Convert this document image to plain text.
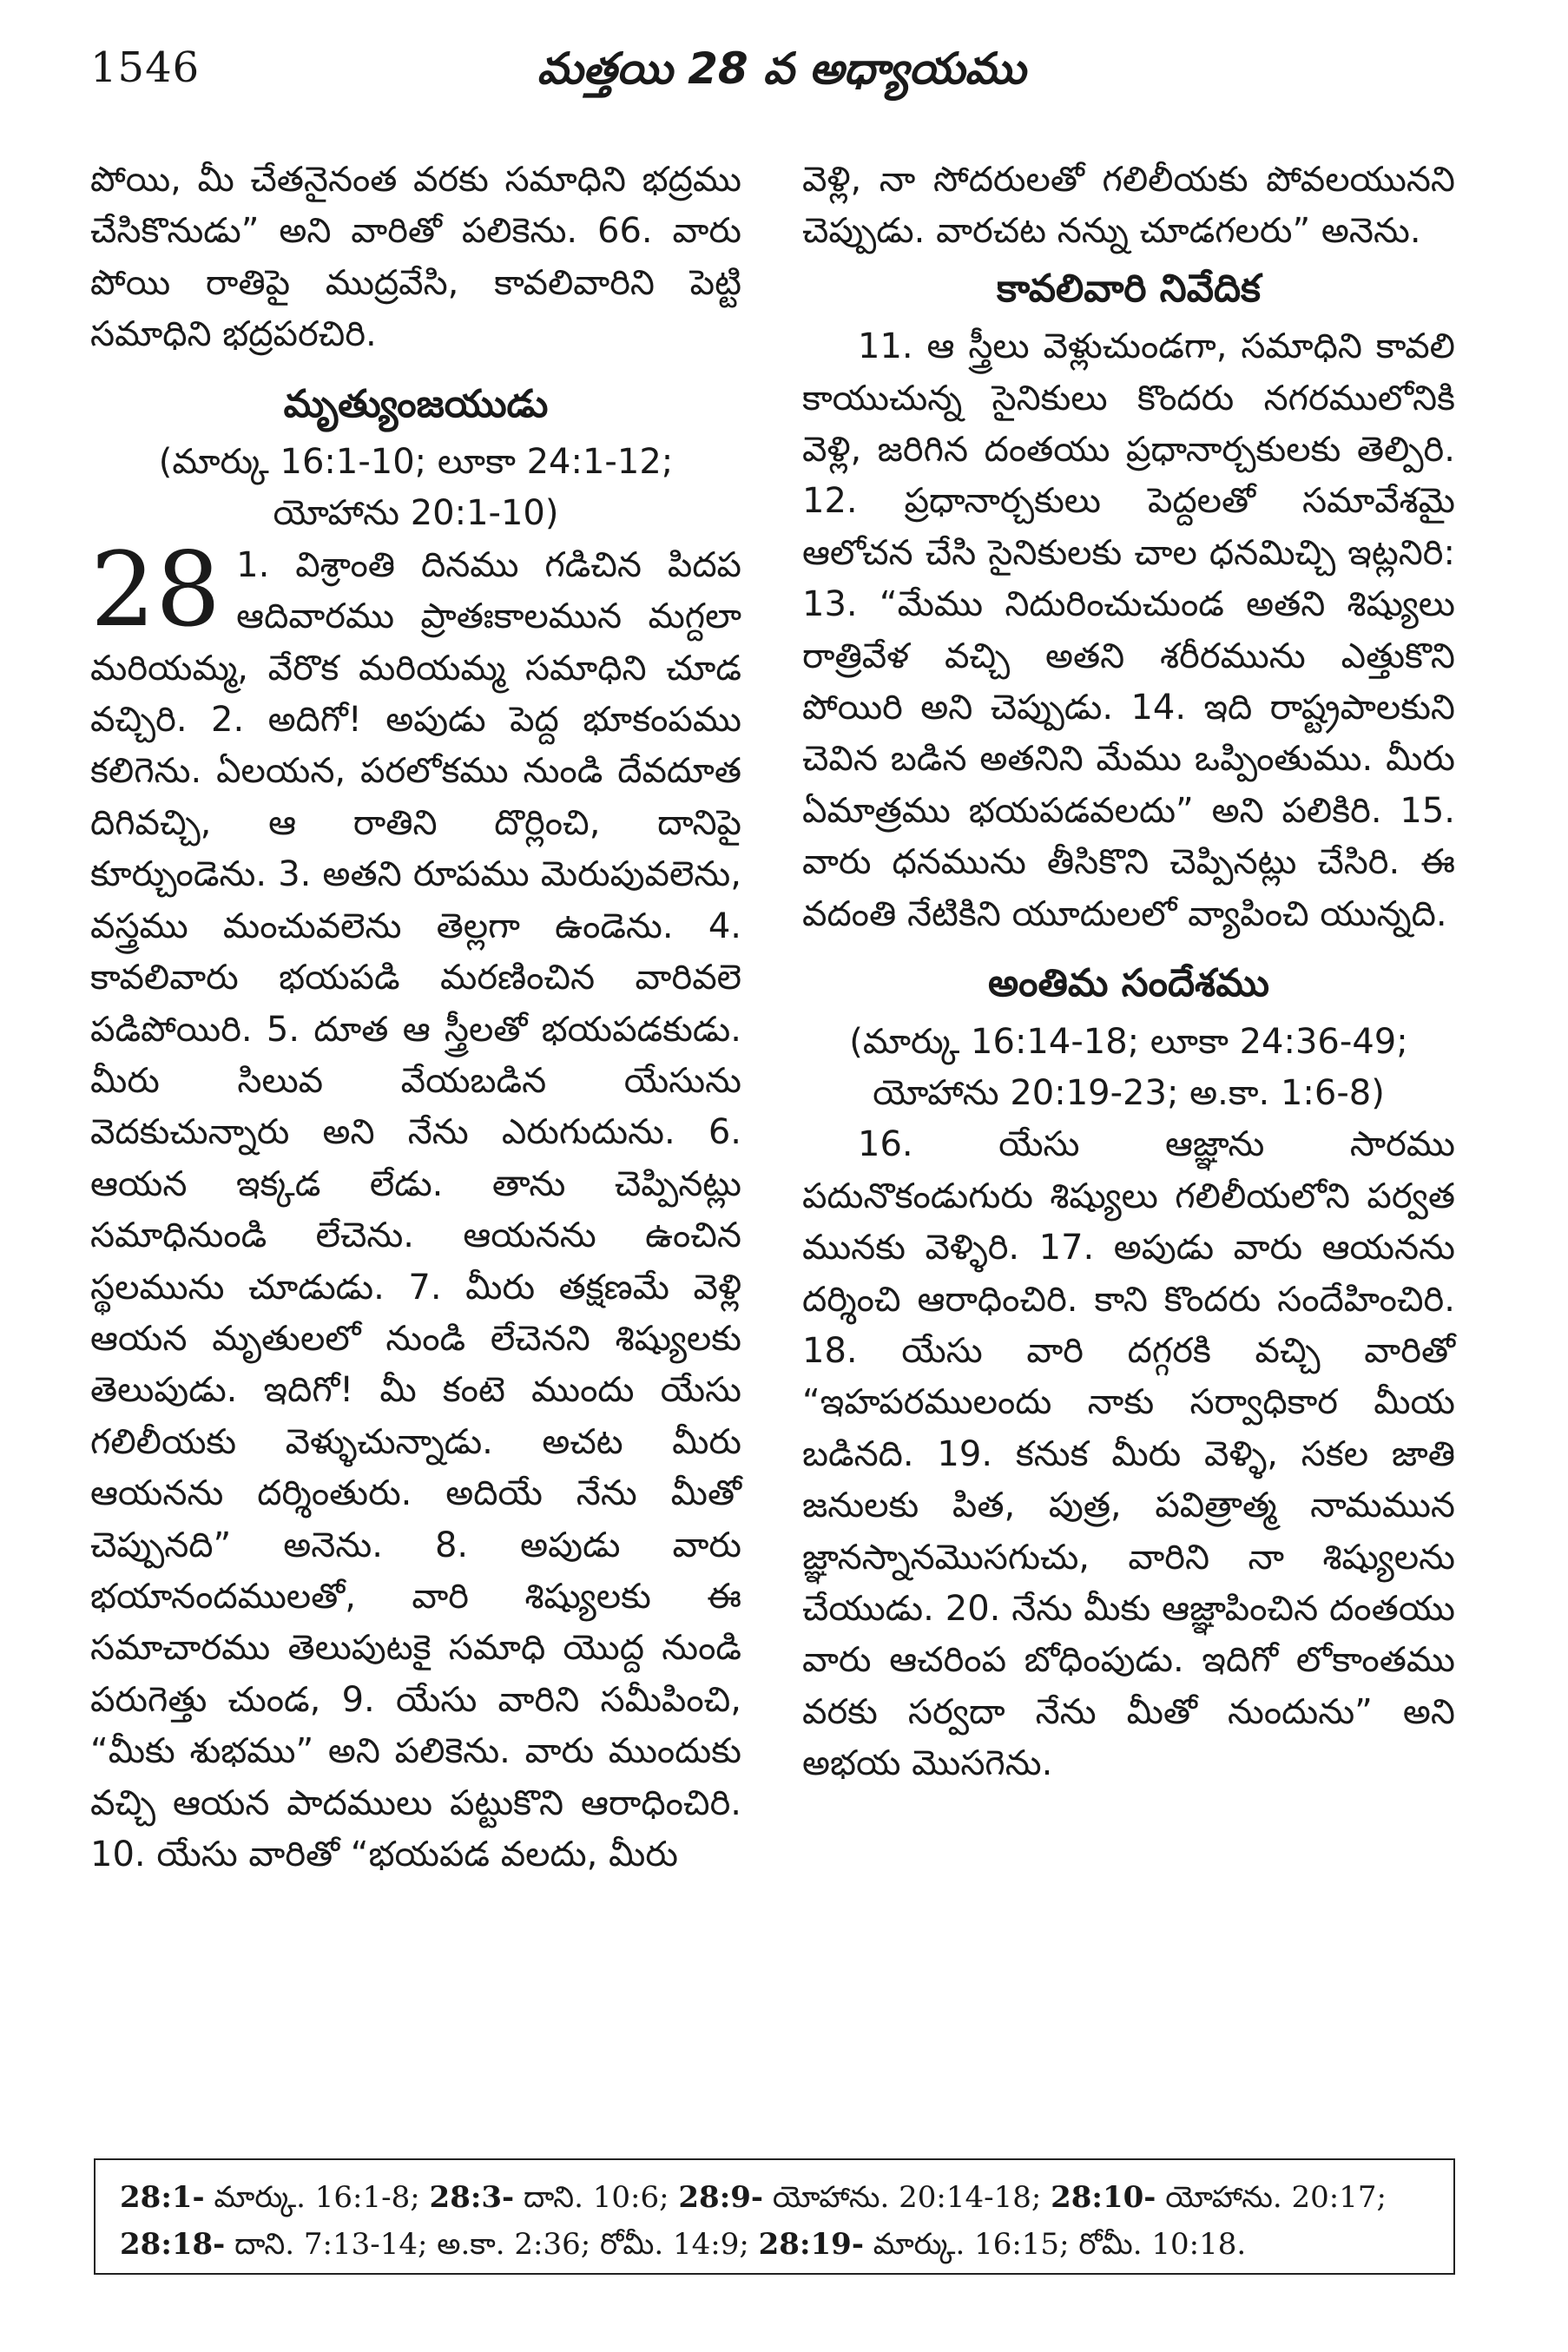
1546	మత్తయి 28 వ అధ్యాయము

పోయి, మీ చేతనైనంత వరకు సమాధిని భద్రము చేసికొనుడు” అని వారితో పలికెను. 66. వారు పోయి రాతిపై ముద్రవేసి, కావలివారిని పెట్టి సమాధిని భద్రపరచిరి.

మృత్యుంజయుడు

(మార్కు 16:1-10; లూకా 24:1-12;

యోహాను 20:1-10)

28 1. విశ్రాంతి దినము గడిచిన పిదప ఆదివారము ప్రాతఃకాలమున మగ్దలా మరియమ్మ, వేరొక మరియమ్మ సమాధిని చూడ వచ్చిరి. 2. అదిగో! అపుడు పెద్ద భూకంపము కలిగెను. ఏలయన, పరలోకము నుండి దేవదూత దిగివచ్చి, ఆ రాతిని దొర్లించి, దానిపై కూర్చుండెను. 3. అతని రూపము మెరుపువలెను, వస్త్రము మంచువలెను తెల్లగా ఉండెను. 4. కావలివారు భయపడి మరణించిన వారివలె పడిపోయిరి. 5. దూత ఆ స్త్రీలతో భయపడకుడు. మీరు సిలువ వేయబడిన యేసును వెదకుచున్నారు అని నేను ఎరుగుదును. 6. ఆయన ఇక్కడ లేడు. తాను చెప్పినట్లు సమాధినుండి లేచెను. ఆయనను ఉంచిన స్థలమును చూడుడు. 7. మీరు తక్షణమే వెళ్లి ఆయన మృతులలో నుండి లేచెనని శిష్యులకు తెలుపుడు. ఇదిగో! మీ కంటె ముందు యేసు గలిలీయకు వెళ్ళుచున్నాడు. అచట మీరు ఆయనను దర్శింతురు. అదియే నేను మీతో చెప్పునది” అనెను. 8. అపుడు వారు భయానందములతో, వారి శిష్యులకు ఈ సమాచారము తెలుపుటకై సమాధి యొద్ద నుండి పరుగెత్తు చుండ, 9. యేసు వారిని సమీపించి, “మీకు శుభము” అని పలికెను. వారు ముందుకు వచ్చి ఆయన పాదములు పట్టుకొని ఆరాధించిరి. 10. యేసు వారితో “భయపడ వలదు, మీరు

వెళ్లి, నా సోదరులతో గలిలీయకు పోవలయునని చెప్పుడు. వారచట నన్ను చూడగలరు” అనెను.

కావలివారి నివేదిక

11. ఆ స్త్రీలు వెళ్లుచుండగా, సమాధిని కావలి కాయుచున్న సైనికులు కొందరు నగరములోనికి వెళ్లి, జరిగిన దంతయు ప్రధానార్చకులకు తెల్పిరి. 12. ప్రధానార్చకులు పెద్దలతో సమావేశమై ఆలోచన చేసి సైనికులకు చాల ధనమిచ్చి ఇట్లనిరి: 13. “మేము నిదురించుచుండ అతని శిష్యులు రాత్రివేళ వచ్చి అతని శరీరమును ఎత్తుకొని పోయిరి అని చెప్పుడు. 14. ఇది రాష్ట్రపాలకుని చెవిన బడిన అతనిని మేము ఒప్పింతుము. మీరు ఏమాత్రము భయపడవలదు” అని పలికిరి. 15. వారు ధనమును తీసికొని చెప్పినట్లు చేసిరి. ఈ వదంతి నేటికిని యూదులలో వ్యాపించి యున్నది.

అంతిమ సందేశము

(మార్కు 16:14-18; లూకా 24:36-49;

యోహాను 20:19-23; అ.కా. 1:6-8)

16. యేసు ఆజ్ఞాను సారము పదునొకండుగురు శిష్యులు గలిలీయలోని పర్వత మునకు వెళ్ళిరి. 17. అపుడు వారు ఆయనను దర్శించి ఆరాధించిరి. కాని కొందరు సందేహించిరి. 18. యేసు వారి దగ్గరకి వచ్చి వారితో “ఇహపరములందు నాకు సర్వాధికార మీయ బడినది. 19. కనుక మీరు వెళ్ళి, సకల జాతి జనులకు పిత, పుత్ర, పవిత్రాత్మ నామమున జ్ఞానస్నానమొసగుచు, వారిని నా శిష్యులను చేయుడు. 20. నేను మీకు ఆజ్ఞాపించిన దంతయు వారు ఆచరింప బోధింపుడు. ఇదిగో లోకాంతము వరకు సర్వదా నేను మీతో నుందును” అని అభయ మొసగెను.

28:1- మార్కు. 16:1-8; 28:3- దాని. 10:6; 28:9- యోహాను. 20:14-18; 28:10- యోహాను. 20:17;
28:18- దాని. 7:13-14; అ.కా. 2:36; రోమీ. 14:9; 28:19- మార్కు. 16:15; రోమీ. 10:18.
